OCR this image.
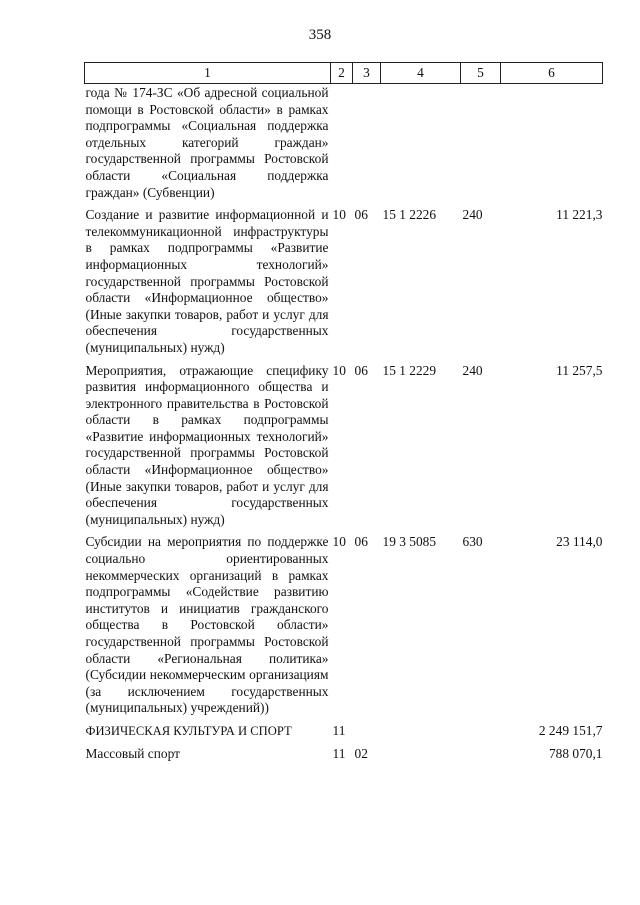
358
1	2	3	4	5	6
года № 174-ЗС «Об адресной социальной помощи в Ростовской области» в рамках подпрограммы «Социальная поддержка отдельных категорий граждан» государственной программы Ростовской области «Социальная поддержка граждан» (Субвенции)					
Создание и развитие информационной и телекоммуникационной инфраструктуры в рамках подпрограммы «Развитие информационных технологий» государственной программы Ростовской области «Информационное общество» (Иные закупки товаров, работ и услуг для обеспечения государственных (муниципальных) нужд)	10	06	15 1 2226	240	11 221,3
Мероприятия, отражающие специфику развития информационного общества и электронного правительства в Ростовской области в рамках подпрограммы «Развитие информационных технологий» государственной программы Ростовской области «Информационное общество» (Иные закупки товаров, работ и услуг для обеспечения государственных (муниципальных) нужд)	10	06	15 1 2229	240	11 257,5
Субсидии на мероприятия по поддержке социально ориентированных некоммерческих организаций в рамках подпрограммы «Содействие развитию институтов и инициатив гражданского общества в Ростовской области» государственной программы Ростовской области «Региональная политика» (Субсидии некоммерческим организациям (за исключением государственных (муниципальных) учреждений))	10	06	19 3 5085	630	23 114,0
ФИЗИЧЕСКАЯ КУЛЬТУРА И СПОРТ	11				2 249 151,7
Массовый спорт	11	02			788 070,1
